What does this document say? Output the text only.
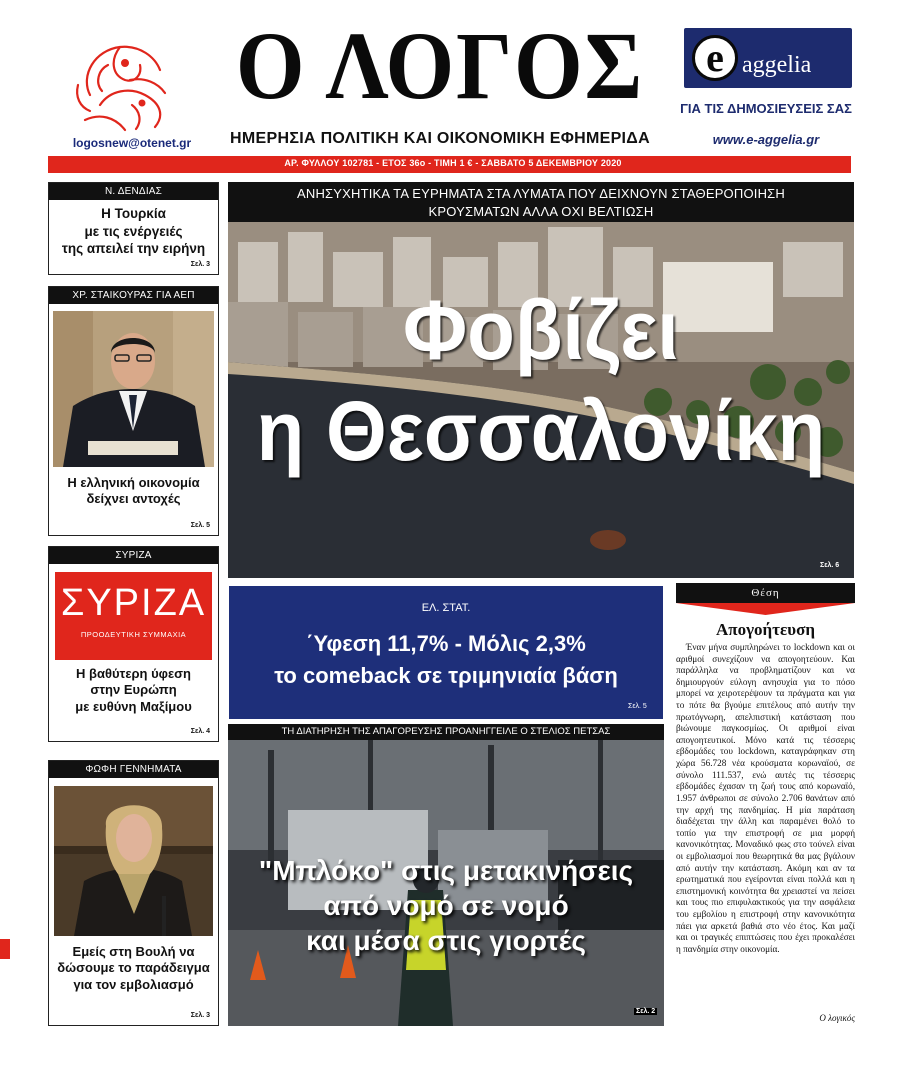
logosnew@otenet.gr
Ο ΛΟΓΟΣ
ΗΜΕΡΗΣΙΑ ΠΟΛΙΤΙΚΗ ΚΑΙ ΟΙΚΟΝΟΜΙΚΗ ΕΦΗΜΕΡΙΔΑ
e aggelia
ΓΙΑ ΤΙΣ ΔΗΜΟΣΙΕΥΣΕΙΣ ΣΑΣ
www.e-aggelia.gr
ΑΡ. ΦΥΛΛΟΥ 102781 - ΕΤΟΣ 36ο - ΤΙΜΗ 1 € - ΣΑΒΒΑΤΟ 5 ΔΕΚΕΜΒΡΙΟΥ 2020
Ν. ΔΕΝΔΙΑΣ
Η Τουρκία
με τις ενέργειές
της απειλεί την ειρήνη
Σελ. 3
ΧΡ. ΣΤΑΙΚΟΥΡΑΣ ΓΙΑ ΑΕΠ
Η ελληνική οικονομία
δείχνει αντοχές
Σελ. 5
ΣΥΡΙΖΑ
ΣΥΡΙΖΑ
ΠΡΟΟΔΕΥΤΙΚΗ ΣΥΜΜΑΧΙΑ
Η βαθύτερη ύφεση
στην Ευρώπη
με ευθύνη Μαξίμου
Σελ. 4
ΦΩΦΗ ΓΕΝΝΗΜΑΤΑ
Εμείς στη Βουλή να
δώσουμε το παράδειγμα
για τον εμβολιασμό
Σελ. 3
ΑΝΗΣΥΧΗΤΙΚΑ ΤΑ ΕΥΡΗΜΑΤΑ ΣΤΑ ΛΥΜΑΤΑ ΠΟΥ ΔΕΙΧΝΟΥΝ ΣΤΑΘΕΡΟΠΟΙΗΣΗ
ΚΡΟΥΣΜΑΤΩΝ ΑΛΛΑ ΟΧΙ ΒΕΛΤΙΩΣΗ
Φοβίζει
η Θεσσαλονίκη
Σελ. 6
ΕΛ. ΣΤΑΤ.
΄Υφεση 11,7% - Μόλις 2,3%
το comeback σε τριμηνιαία βάση
Σελ. 5
ΤΗ ΔΙΑΤΗΡΗΣΗ ΤΗΣ ΑΠΑΓΟΡΕΥΣΗΣ ΠΡΟΑΝΗΓΓΕΙΛΕ Ο ΣΤΕΛΙΟΣ ΠΕΤΣΑΣ
"Μπλόκο" στις μετακινήσεις
από νομό σε νομό
και μέσα στις γιορτές
Σελ. 2
Θέση
Απογοήτευση
Έναν μήνα συμπληρώνει το lockdown και οι αριθμοί συνεχίζουν να απογοητεύουν. Και παράλληλα να προβληματίζουν και να δημιουργούν εύλογη ανησυχία για το πόσο μπορεί να χειροτερέψουν τα πράγματα και για το πότε θα βγούμε επιτέλους από αυτήν την πρωτόγνωρη, απελπιστική κατάσταση που βιώνουμε παγκοσμίως. Οι αριθμοί είναι απογοητευτικοί. Μόνο κατά τις τέσσερις εβδομάδες του lockdown, καταγράφηκαν στη χώρα 56.728 νέα κρούσματα κορωναϊού, σε σύνολο 111.537, ενώ αυτές τις τέσσερις εβδομάδες έχασαν τη ζωή τους από κορωναϊό, 1.957 άνθρωποι σε σύνολο 2.706 θανάτων από την αρχή της πανδημίας. Η μία παράταση διαδέχεται την άλλη και παραμένει θολό το τοπίο για την επιστροφή σε μια μορφή κανονικότητας. Μοναδικό φως στο τούνελ είναι οι εμβολιασμοί που θεωρητικά θα μας βγάλουν από αυτήν την κατάσταση. Ακόμη και αν τα ερωτηματικά που εγείρονται είναι πολλά και η επιστημονική κοινότητα θα χρειαστεί να πείσει και τους πιο επιφυλακτικούς για την ασφάλεια του εμβολίου η επιστροφή στην κανονικότητα πάει για αρκετά βαθιά στο νέο έτος. Και μαζί και οι τραγικές επιπτώσεις που έχει προκαλέσει η πανδημία στην οικονομία.
Ο λογικός
